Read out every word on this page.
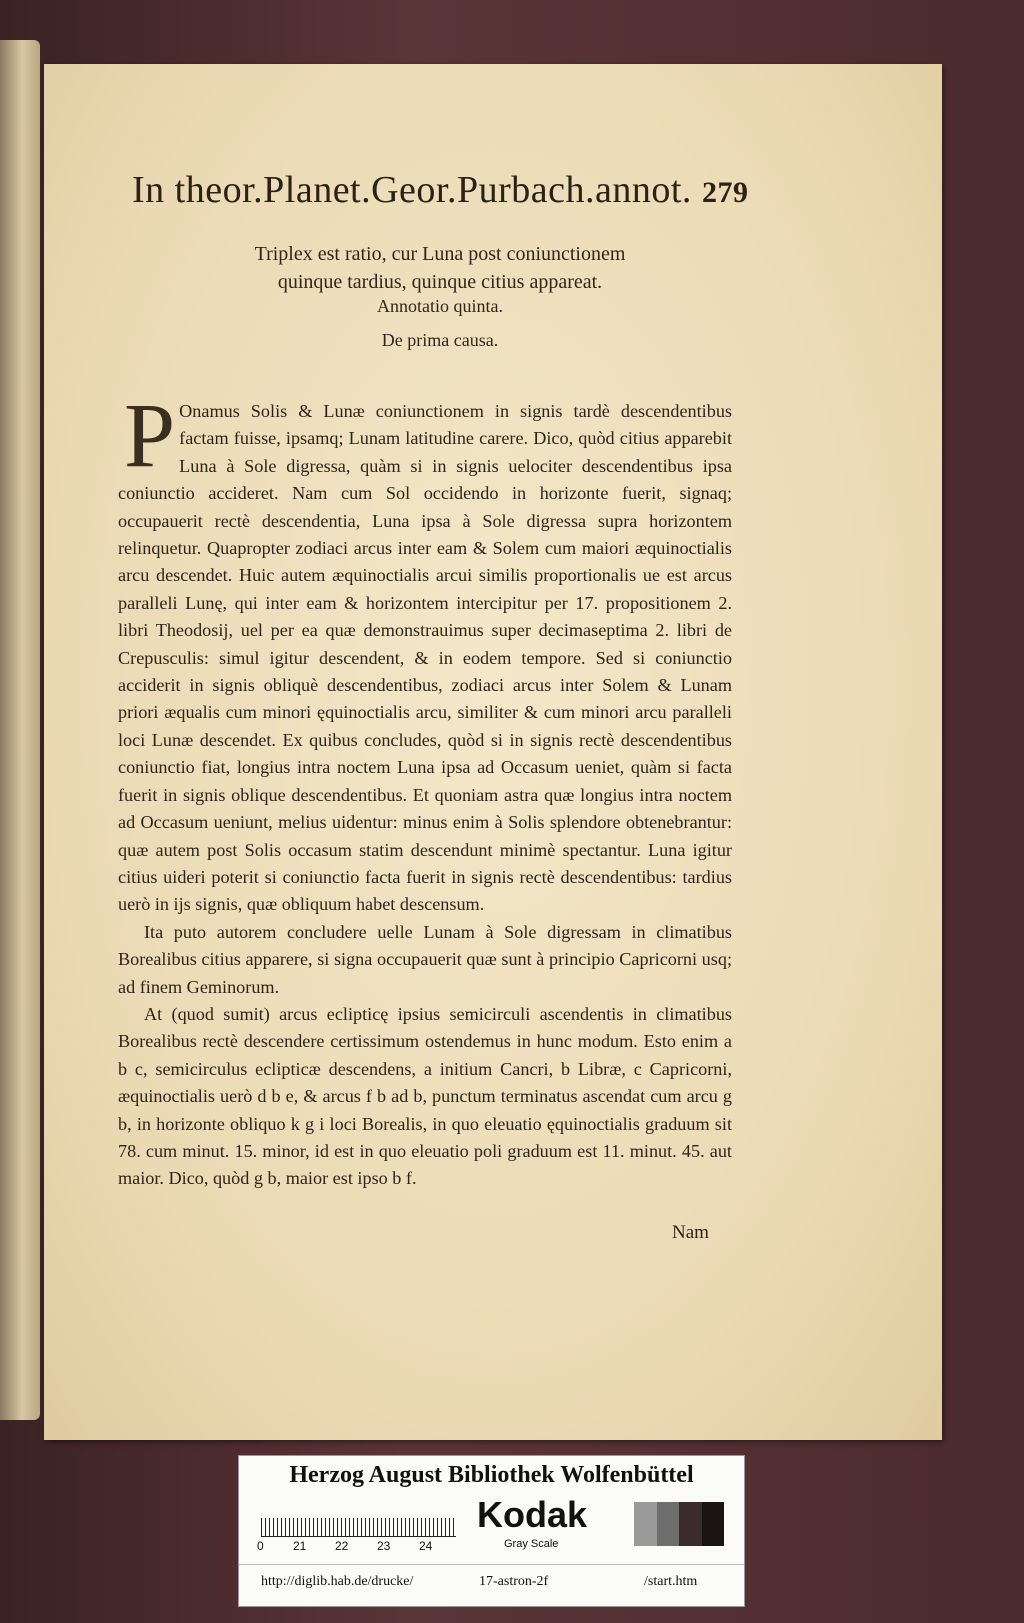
In theor.Planet.Geor.Purbach.annot. 279
Triplex est ratio, cur Luna post coniunctionem
quinque tardius, quinque citius appareat.
Annotatio quinta.
De prima causa.

P Onamus Solis & Lunæ coniunctionem in signis tardè descendentibus factam fuisse, ipsamq; Lunam latitudine carere. Dico, quòd citius apparebit Luna à Sole digressa, quàm si in signis uelociter descendentibus ipsa coniunctio accideret. Nam cum Sol occidendo in horizonte fuerit, signaq; occupauerit rectè descendentia, Luna ipsa à Sole digressa supra horizontem relinquetur. Quapropter zodiaci arcus inter eam & Solem cum maiori æquinoctialis arcu descendet. Huic autem æquinoctialis arcui similis proportionalis ue est arcus paralleli Lunę, qui inter eam & horizontem intercipitur per 17. propositionem 2. libri Theodosij, uel per ea quæ demonstrauimus super decimaseptima 2. libri de Crepusculis: simul igitur descendent, & in eodem tempore. Sed si coniunctio acciderit in signis obliquè descendentibus, zodiaci arcus inter Solem & Lunam priori æqualis cum minori ęquinoctialis arcu, similiter & cum minori arcu paralleli loci Lunæ descendet. Ex quibus concludes, quòd si in signis rectè descendentibus coniunctio fiat, longius intra noctem Luna ipsa ad Occasum ueniet, quàm si facta fuerit in signis oblique descendentibus. Et quoniam astra quæ longius intra noctem ad Occasum ueniunt, melius uidentur: minus enim à Solis splendore obtenebrantur: quæ autem post Solis occasum statim descendunt minimè spectantur. Luna igitur citius uideri poterit si coniunctio facta fuerit in signis rectè descendentibus: tardius uerò in ijs signis, quæ obliquum habet descensum.

Ita puto autorem concludere uelle Lunam à Sole digressam in climatibus Borealibus citius apparere, si signa occupauerit quæ sunt à principio Capricorni usq; ad finem Geminorum.

At (quod sumit) arcus eclipticę ipsius semicirculi ascendentis in climatibus Borealibus rectè descendere certissimum ostendemus in hunc modum. Esto enim a b c, semicirculus eclipticæ descendens, a initium Cancri, b Libræ, c Capricorni, æquinoctialis uerò d b e, & arcus f b ad b, punctum terminatus ascendat cum arcu g b, in horizonte obliquo k g i loci Borealis, in quo eleuatio ęquinoctialis graduum sit 78. cum minut. 15. minor, id est in quo eleuatio poli graduum est 11. minut. 45. aut maior. Dico, quòd g b, maior est ipso b f.

Nam
Herzog August Bibliothek Wolfenbüttel
0 21 22 23 24
Kodak
Gray Scale
http://diglib.hab.de/drucke/	17-astron-2f	/start.htm
